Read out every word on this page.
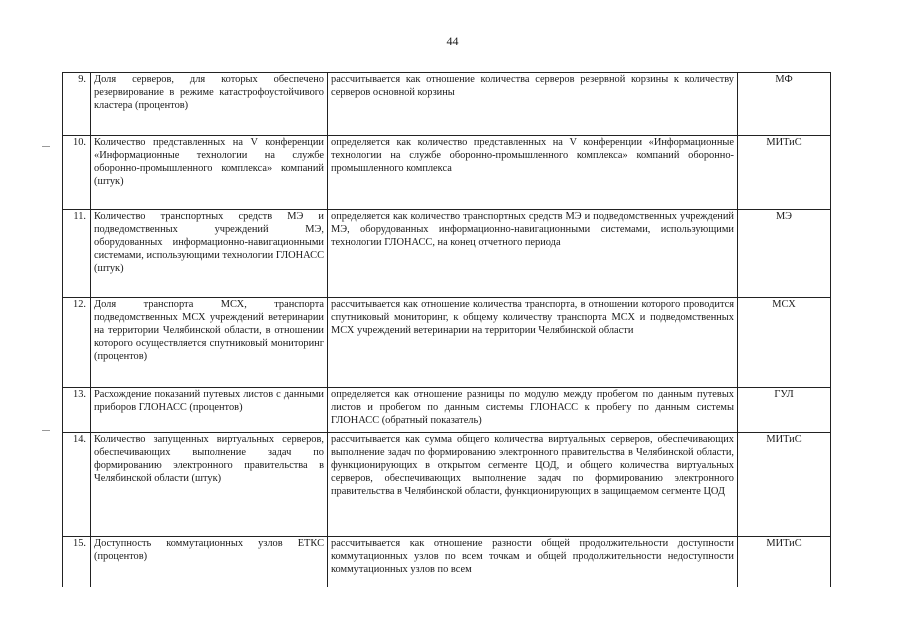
44
9.	Доля серверов, для которых обеспечено резервирование в режиме катастрофоустойчивого кластера (процентов)	рассчитывается как отношение количества серверов резервной корзины к количеству серверов основной корзины	МФ
10.	Количество представленных на V конференции «Информационные технологии на службе оборонно-промышленного комплекса» компаний (штук)	определяется как количество представленных на V конференции «Информационные технологии на службе оборонно-промышленного комплекса» компаний оборонно-промышленного комплекса	МИТиС
11.	Количество транспортных средств МЭ и подведомственных учреждений МЭ, оборудованных информационно-навигационными системами, использующими технологии ГЛОНАСС (штук)	определяется как количество транспортных средств МЭ и подведомственных учреждений МЭ, оборудованных информационно-навигационными системами, использующими технологии ГЛОНАСС, на конец отчетного периода	МЭ
12.	Доля транспорта МСХ, транспорта подведомственных МСХ учреждений ветеринарии на территории Челябинской области, в отношении которого осуществляется спутниковый мониторинг (процентов)	рассчитывается как отношение количества транспорта, в отношении которого проводится спутниковый мониторинг, к общему количеству транспорта МСХ и подведомственных МСХ учреждений ветеринарии на территории Челябинской области	МСХ
13.	Расхождение показаний путевых листов с данными приборов ГЛОНАСС (процентов)	определяется как отношение разницы по модулю между пробегом по данным путевых листов и пробегом по данным системы ГЛОНАСС к пробегу по данным системы ГЛОНАСС (обратный показатель)	ГУЛ
14.	Количество запущенных виртуальных серверов, обеспечивающих выполнение задач по формированию электронного правительства в Челябинской области (штук)	рассчитывается как сумма общего количества виртуальных серверов, обеспечивающих выполнение задач по формированию электронного правительства в Челябинской области, функционирующих в открытом сегменте ЦОД, и общего количества виртуальных серверов, обеспечивающих выполнение задач по формированию электронного правительства в Челябинской области, функционирующих в защищаемом сегменте ЦОД	МИТиС
15.	Доступность коммутационных узлов ЕТКС (процентов)	рассчитывается как отношение разности общей продолжительности доступности коммутационных узлов по всем точкам и общей продолжительности недоступности коммутационных узлов по всем	МИТиС
